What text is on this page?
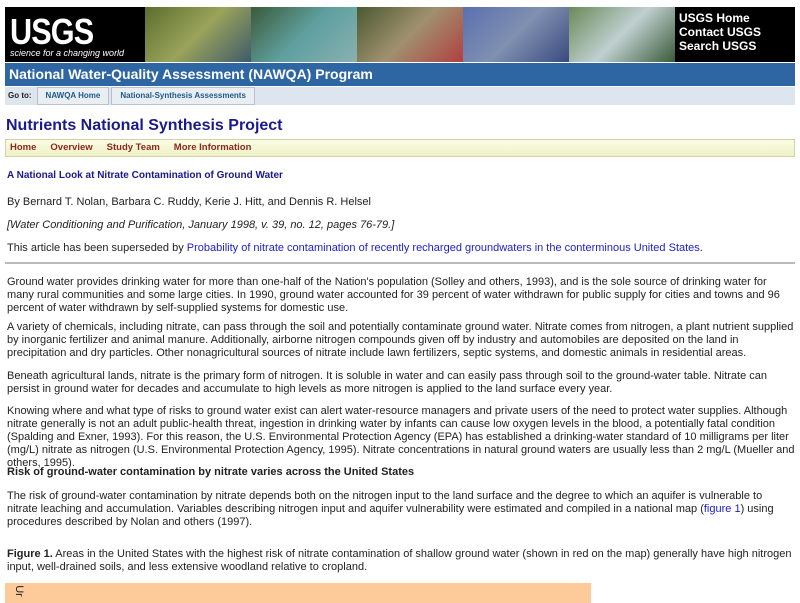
USGS
science for a changing world
USGS Home
Contact USGS
Search USGS
National Water-Quality Assessment (NAWQA) Program
Go to:	NAWQA Home	National-Synthesis Assessments
Nutrients National Synthesis Project
Home	Overview	Study Team	More Information

A National Look at Nitrate Contamination of Ground Water

By Bernard T. Nolan, Barbara C. Ruddy, Kerie J. Hitt, and Dennis R. Helsel

[Water Conditioning and Purification, January 1998, v. 39, no. 12, pages 76-79.]

This article has been superseded by Probability of nitrate contamination of recently recharged groundwaters in the conterminous United States.

Ground water provides drinking water for more than one-half of the Nation's population (Solley and others, 1993), and is the sole source of drinking water for many rural communities and some large cities. In 1990, ground water accounted for 39 percent of water withdrawn for public supply for cities and towns and 96 percent of water withdrawn by self-supplied systems for domestic use.

A variety of chemicals, including nitrate, can pass through the soil and potentially contaminate ground water. Nitrate comes from nitrogen, a plant nutrient supplied by inorganic fertilizer and animal manure. Additionally, airborne nitrogen compounds given off by industry and automobiles are deposited on the land in precipitation and dry particles. Other nonagricultural sources of nitrate include lawn fertilizers, septic systems, and domestic animals in residential areas.

Beneath agricultural lands, nitrate is the primary form of nitrogen. It is soluble in water and can easily pass through soil to the ground-water table. Nitrate can persist in ground water for decades and accumulate to high levels as more nitrogen is applied to the land surface every year.

Knowing where and what type of risks to ground water exist can alert water-resource managers and private users of the need to protect water supplies. Although nitrate generally is not an adult public-health threat, ingestion in drinking water by infants can cause low oxygen levels in the blood, a potentially fatal condition (Spalding and Exner, 1993). For this reason, the U.S. Environmental Protection Agency (EPA) has established a drinking-water standard of 10 milligrams per liter (mg/L) nitrate as nitrogen (U.S. Environmental Protection Agency, 1995). Nitrate concentrations in natural ground waters are usually less than 2 mg/L (Mueller and others, 1995).

Risk of ground-water contamination by nitrate varies across the United States

The risk of ground-water contamination by nitrate depends both on the nitrogen input to the land surface and the degree to which an aquifer is vulnerable to nitrate leaching and accumulation. Variables describing nitrogen input and aquifer vulnerability were estimated and compiled in a national map (figure 1) using procedures described by Nolan and others (1997).

Figure 1. Areas in the United States with the highest risk of nitrate contamination of shallow ground water (shown in red on the map) generally have high nitrogen input, well-drained soils, and less extensive woodland relative to cropland.

Ur
